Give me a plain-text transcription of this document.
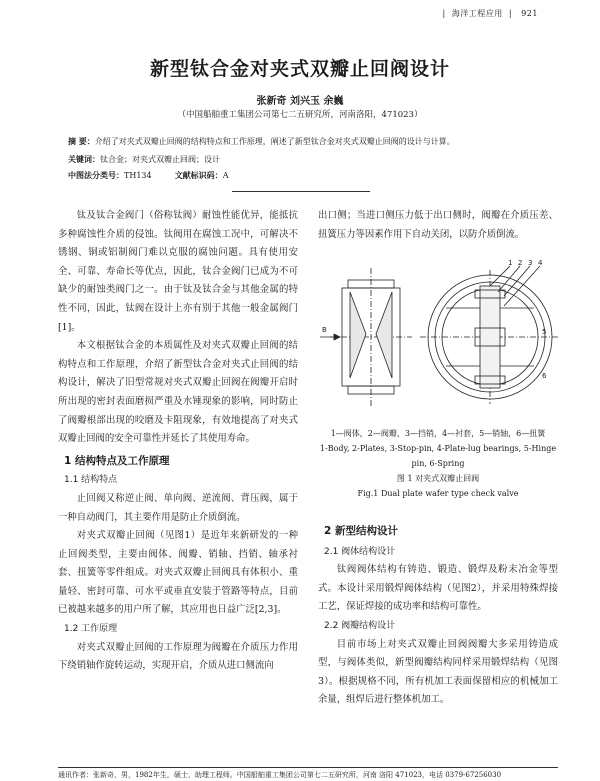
|  海洋工程应用  |   921
新型钛合金对夹式双瓣止回阀设计
张新奇 刘兴玉 余巍
（中国船舶重工集团公司第七二五研究所，河南洛阳，471023）
摘 要：介绍了对夹式双瓣止回阀的结构特点和工作原理，阐述了新型钛合金对夹式双瓣止回阀的设计与计算。
关键词：钛合金；对夹式双瓣止回阀；设计
中图法分类号：TH134	文献标识码：A

钛及钛合金阀门（俗称钛阀）耐蚀性能优异，能抵抗多种腐蚀性介质的侵蚀。钛阀用在腐蚀工况中，可解决不锈钢、铜或铝制阀门难以克服的腐蚀问题。具有使用安全、可靠、寿命长等优点，因此，钛合金阀门已成为不可缺少的耐蚀类阀门之一。由于钛及钛合金与其他金属的特性不同，因此，钛阀在设计上亦有别于其他一般金属阀门[1]。

本文根据钛合金的本质属性及对夹式双瓣止回阀的结构特点和工作原理，介绍了新型钛合金对夹式止回阀的结构设计，解决了旧型常规对夹式双瓣止回阀在阀瓣开启时所出现的密封表面磨损严重及水锤现象的影响，同时防止了阀瓣根部出现的咬磨及卡阻现象，有效地提高了对夹式双瓣止回阀的安全可靠性并延长了其使用寿命。

1 结构特点及工作原理
1.1 结构特点

止回阀又称逆止阀、单向阀、逆流阀、背压阀，属于一种自动阀门，其主要作用是防止介质倒流。

对夹式双瓣止回阀（见图1）是近年来新研发的一种止回阀类型，主要由阀体、阀瓣、销轴、挡销、轴承衬套、扭簧等零件组成。对夹式双瓣止回阀具有体积小、重量轻、密封可靠、可水平或垂直安装于管路等特点，目前已被越来越多的用户所了解，其应用也日益广泛[2,3]。

1.2 工作原理

对夹式双瓣止回阀的工作原理为阀瓣在介质压力作用下绕销轴作旋转运动，实现开启，介质从进口侧流向

出口侧；当进口侧压力低于出口侧时，阀瓣在介质压差、扭簧压力等因素作用下自动关闭，以防介质倒流。

B
1 2 3 4
5
6
1—阀体，2—阀瓣，3—挡销，4—衬套，5—销轴，6—扭簧
1-Body, 2-Plates, 3-Stop-pin, 4-Plate-lug bearings, 5-Hinge pin, 6-Spring
图 1 对夹式双瓣止回阀
Fig.1 Dual plate wafer type check valve
2 新型结构设计
2.1 阀体结构设计

钛阀阀体结构有铸造、锻造、锻焊及粉末冶金等型式。本设计采用锻焊阀体结构（见图2），并采用特殊焊接工艺，保证焊接的成功率和结构可靠性。

2.2 阀瓣结构设计

目前市场上对夹式双瓣止回阀阀瓣大多采用铸造成型，与阀体类似，新型阀瓣结构同样采用锻焊结构（见图3）。根据规格不同，所有机加工表面保留相应的机械加工余量，组焊后进行整体机加工。

通讯作者：张新奇，男，1982年生，硕士，助理工程师。中国船舶重工集团公司第七二五研究所，河南 洛阳 471023，电话 0379-67256030
